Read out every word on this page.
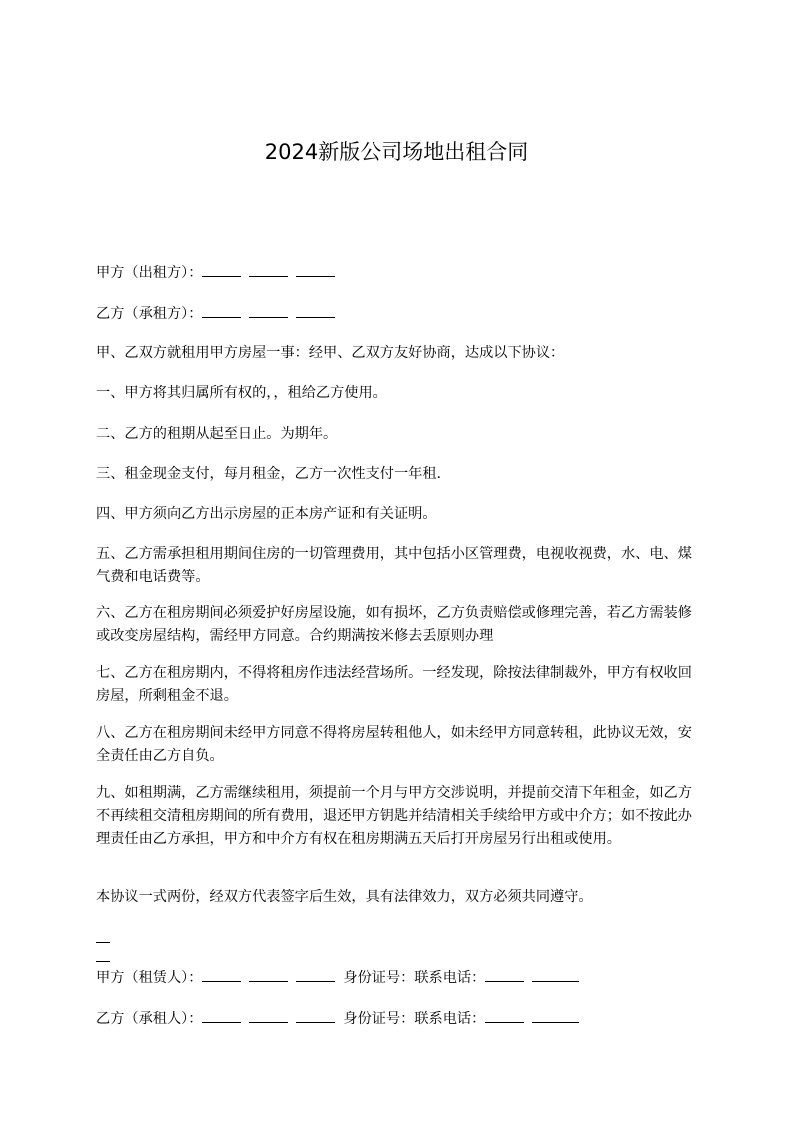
2024新版公司场地出租合同

甲方（出租方）：

乙方（承租方）：

甲、乙双方就租用甲方房屋一事：经甲、乙双方友好协商，达成以下协议：

一、甲方将其归属所有权的，，租给乙方使用。

二、乙方的租期从起至日止。为期年。

三、租金现金支付，每月租金，乙方一次性支付一年租.

四、甲方须向乙方出示房屋的正本房产证和有关证明。

五、乙方需承担租用期间住房的一切管理费用，其中包括小区管理费，电视收视费，水、电、煤气费和电话费等。

六、乙方在租房期间必须爱护好房屋设施，如有损坏，乙方负责赔偿或修理完善，若乙方需装修或改变房屋结构，需经甲方同意。合约期满按米修去丢原则办理

七、乙方在租房期内，不得将租房作违法经营场所。一经发现，除按法律制裁外，甲方有权收回房屋，所剩租金不退。

八、乙方在租房期间未经甲方同意不得将房屋转租他人，如未经甲方同意转租，此协议无效，安全责任由乙方自负。

九、如租期满，乙方需继续租用，须提前一个月与甲方交涉说明，并提前交清下年租金，如乙方不再续租交清租房期间的所有费用，退还甲方钥匙并结清相关手续给甲方或中介方；如不按此办理责任由乙方承担，甲方和中介方有权在租房期满五天后打开房屋另行出租或使用。

本协议一式两份，经双方代表签字后生效，具有法律效力，双方必须共同遵守。

甲方（租赁人）：	身份证号：联系电话：

乙方（承租人）：	身份证号：联系电话：
